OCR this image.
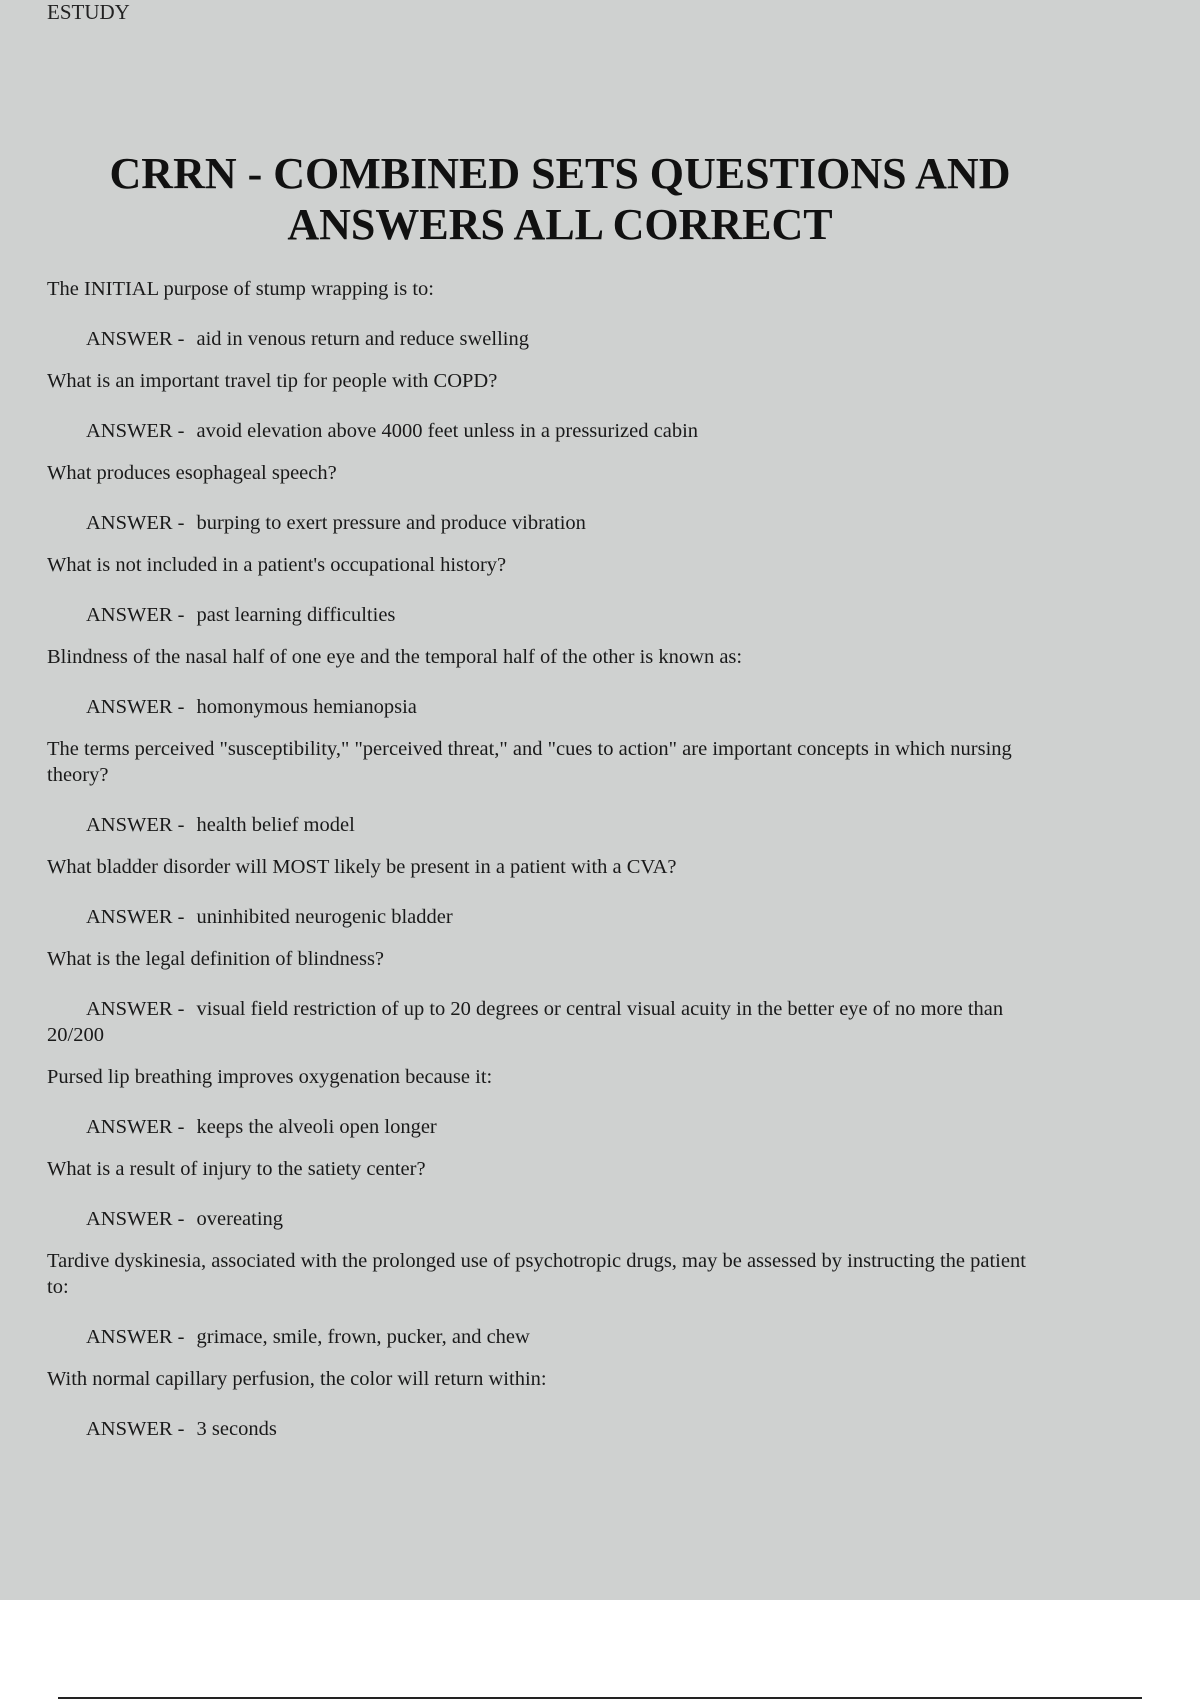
ESTUDY
CRRN - COMBINED SETS QUESTIONS AND ANSWERS ALL CORRECT

The INITIAL purpose of stump wrapping is to:

ANSWER - aid in venous return and reduce swelling

What is an important travel tip for people with COPD?

ANSWER - avoid elevation above 4000 feet unless in a pressurized cabin

What produces esophageal speech?

ANSWER - burping to exert pressure and produce vibration

What is not included in a patient's occupational history?

ANSWER - past learning difficulties

Blindness of the nasal half of one eye and the temporal half of the other is known as:

ANSWER - homonymous hemianopsia

The terms perceived "susceptibility," "perceived threat," and "cues to action" are important concepts in which nursing theory?

ANSWER - health belief model

What bladder disorder will MOST likely be present in a patient with a CVA?

ANSWER - uninhibited neurogenic bladder

What is the legal definition of blindness?

ANSWER - visual field restriction of up to 20 degrees or central visual acuity in the better eye of no more than 20/200

Pursed lip breathing improves oxygenation because it:

ANSWER - keeps the alveoli open longer

What is a result of injury to the satiety center?

ANSWER - overeating

Tardive dyskinesia, associated with the prolonged use of psychotropic drugs, may be assessed by instructing the patient to:

ANSWER - grimace, smile, frown, pucker, and chew

With normal capillary perfusion, the color will return within:

ANSWER - 3 seconds
